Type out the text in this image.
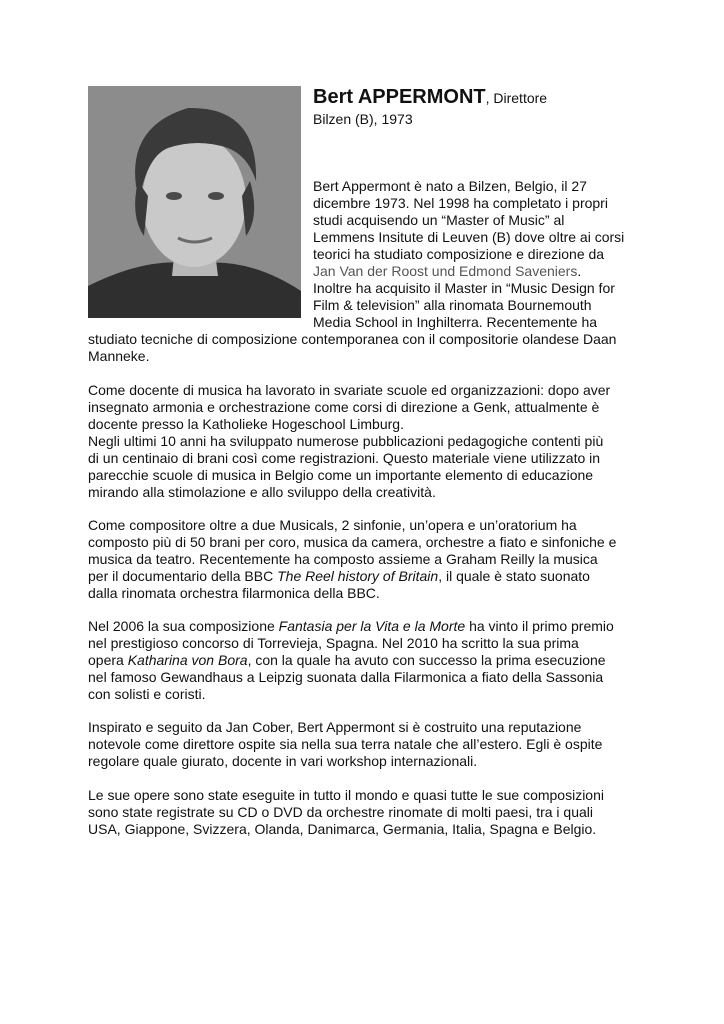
Bert APPERMONT, Direttore
Bilzen (B), 1973
Bert Appermont è nato a Bilzen, Belgio, il 27
dicembre 1973. Nel 1998 ha completato i propri
studi acquisendo un “Master of Music” al
Lemmens Insitute di Leuven (B) dove oltre ai corsi
teorici ha studiato composizione e direzione da
Jan Van der Roost und Edmond Saveniers.
Inoltre ha acquisito il Master in “Music Design for
Film & television” alla rinomata Bournemouth
Media School in Inghilterra. Recentemente ha
studiato tecniche di composizione contemporanea con il compositorie olandese Daan
Manneke.
Come docente di musica ha lavorato in svariate scuole ed organizzazioni: dopo aver
insegnato armonia e orchestrazione come corsi di direzione a Genk, attualmente è
docente presso la Katholieke Hogeschool Limburg.
Negli ultimi 10 anni ha sviluppato numerose pubblicazioni pedagogiche contenti più
di un centinaio di brani così come registrazioni. Questo materiale viene utilizzato in
parecchie scuole di musica in Belgio come un importante elemento di educazione
mirando alla stimolazione e allo sviluppo della creatività.
Come compositore oltre a due Musicals, 2 sinfonie, un’opera e un’oratorium ha
composto più di 50 brani per coro, musica da camera, orchestre a fiato e sinfoniche e
musica da teatro. Recentemente ha composto assieme a Graham Reilly la musica
per il documentario della BBC The Reel history of Britain, il quale è stato suonato
dalla rinomata orchestra filarmonica della BBC.
Nel 2006 la sua composizione Fantasia per la Vita e la Morte ha vinto il primo premio
nel prestigioso concorso di Torrevieja, Spagna. Nel 2010 ha scritto la sua prima
opera Katharina von Bora, con la quale ha avuto con successo la prima esecuzione
nel famoso Gewandhaus a Leipzig suonata dalla Filarmonica a fiato della Sassonia
con solisti e coristi.
Inspirato e seguito da Jan Cober, Bert Appermont si è costruito una reputazione
notevole come direttore ospite sia nella sua terra natale che all’estero. Egli è ospite
regolare quale giurato, docente in vari workshop internazionali.
Le sue opere sono state eseguite in tutto il mondo e quasi tutte le sue composizioni
sono state registrate su CD o DVD da orchestre rinomate di molti paesi, tra i quali
USA, Giappone, Svizzera, Olanda, Danimarca, Germania, Italia, Spagna e Belgio.
